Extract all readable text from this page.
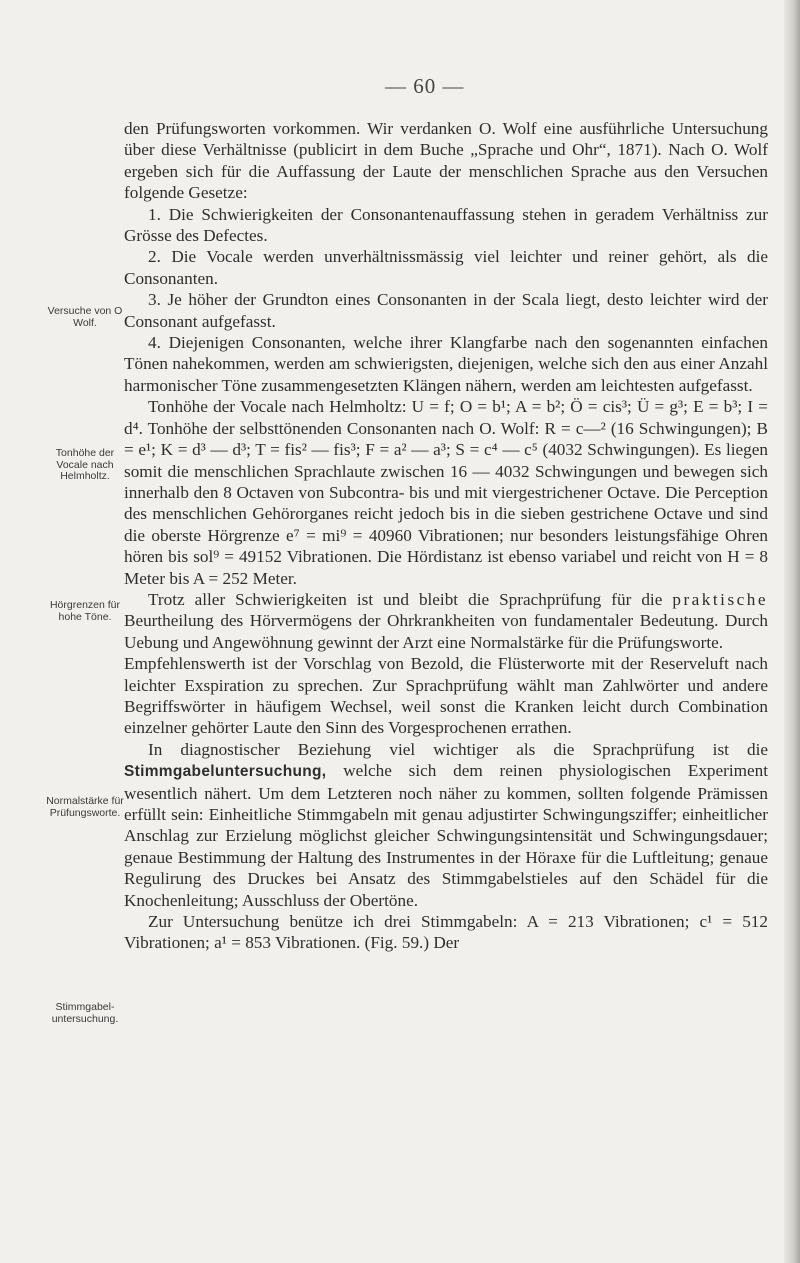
— 60 —
Versuche von O Wolf.
Tonhöhe der Vocale nach Helmholtz.
Hörgrenzen für hohe Töne.
Normalstärke für Prüfungsworte.
Stimmgabel-untersuchung.

den Prüfungsworten vorkommen. Wir verdanken O. Wolf eine ausführliche Untersuchung über diese Verhältnisse (publicirt in dem Buche „Sprache und Ohr“, 1871). Nach O. Wolf ergeben sich für die Auffassung der Laute der menschlichen Sprache aus den Versuchen folgende Gesetze:

1. Die Schwierigkeiten der Consonantenauffassung stehen in geradem Verhältniss zur Grösse des Defectes.

2. Die Vocale werden unverhältnissmässig viel leichter und reiner gehört, als die Consonanten.

3. Je höher der Grundton eines Consonanten in der Scala liegt, desto leichter wird der Consonant aufgefasst.

4. Diejenigen Consonanten, welche ihrer Klangfarbe nach den sogenannten einfachen Tönen nahekommen, werden am schwierigsten, diejenigen, welche sich den aus einer Anzahl harmonischer Töne zusammengesetzten Klängen nähern, werden am leichtesten aufgefasst.

Tonhöhe der Vocale nach Helmholtz: U = f; O = b¹; A = b²; Ö = cis³; Ü = g³; E = b³; I = d⁴. Tonhöhe der selbsttönenden Consonanten nach O. Wolf: R = c—² (16 Schwingungen); B = e¹; K = d³ — d³; T = fis² — fis³; F = a² — a³; S = c⁴ — c⁵ (4032 Schwingungen). Es liegen somit die menschlichen Sprachlaute zwischen 16 — 4032 Schwingungen und bewegen sich innerhalb den 8 Octaven von Subcontra- bis und mit viergestrichener Octave. Die Perception des menschlichen Gehörorganes reicht jedoch bis in die sieben gestrichene Octave und sind die oberste Hörgrenze e⁷ = mi⁹ = 40960 Vibrationen; nur besonders leistungsfähige Ohren hören bis sol⁹ = 49152 Vibrationen. Die Hördistanz ist ebenso variabel und reicht von H = 8 Meter bis A = 252 Meter.

Trotz aller Schwierigkeiten ist und bleibt die Sprachprüfung für die praktische Beurtheilung des Hörvermögens der Ohrkrankheiten von fundamentaler Bedeutung. Durch Uebung und Angewöhnung gewinnt der Arzt eine Normalstärke für die Prüfungsworte.

Empfehlenswerth ist der Vorschlag von Bezold, die Flüsterworte mit der Reserveluft nach leichter Exspiration zu sprechen. Zur Sprachprüfung wählt man Zahlwörter und andere Begriffswörter in häufigem Wechsel, weil sonst die Kranken leicht durch Combination einzelner gehörter Laute den Sinn des Vorgesprochenen errathen.

In diagnostischer Beziehung viel wichtiger als die Sprachprüfung ist die Stimmgabeluntersuchung, welche sich dem reinen physiologischen Experiment wesentlich nähert. Um dem Letzteren noch näher zu kommen, sollten folgende Prämissen erfüllt sein: Einheitliche Stimmgabeln mit genau adjustirter Schwingungsziffer; einheitlicher Anschlag zur Erzielung möglichst gleicher Schwingungsintensität und Schwingungsdauer; genaue Bestimmung der Haltung des Instrumentes in der Höraxe für die Luftleitung; genaue Regulirung des Druckes bei Ansatz des Stimmgabelstieles auf den Schädel für die Knochenleitung; Ausschluss der Obertöne.

Zur Untersuchung benütze ich drei Stimmgabeln: A = 213 Vibrationen; c¹ = 512 Vibrationen; a¹ = 853 Vibrationen. (Fig. 59.) Der
